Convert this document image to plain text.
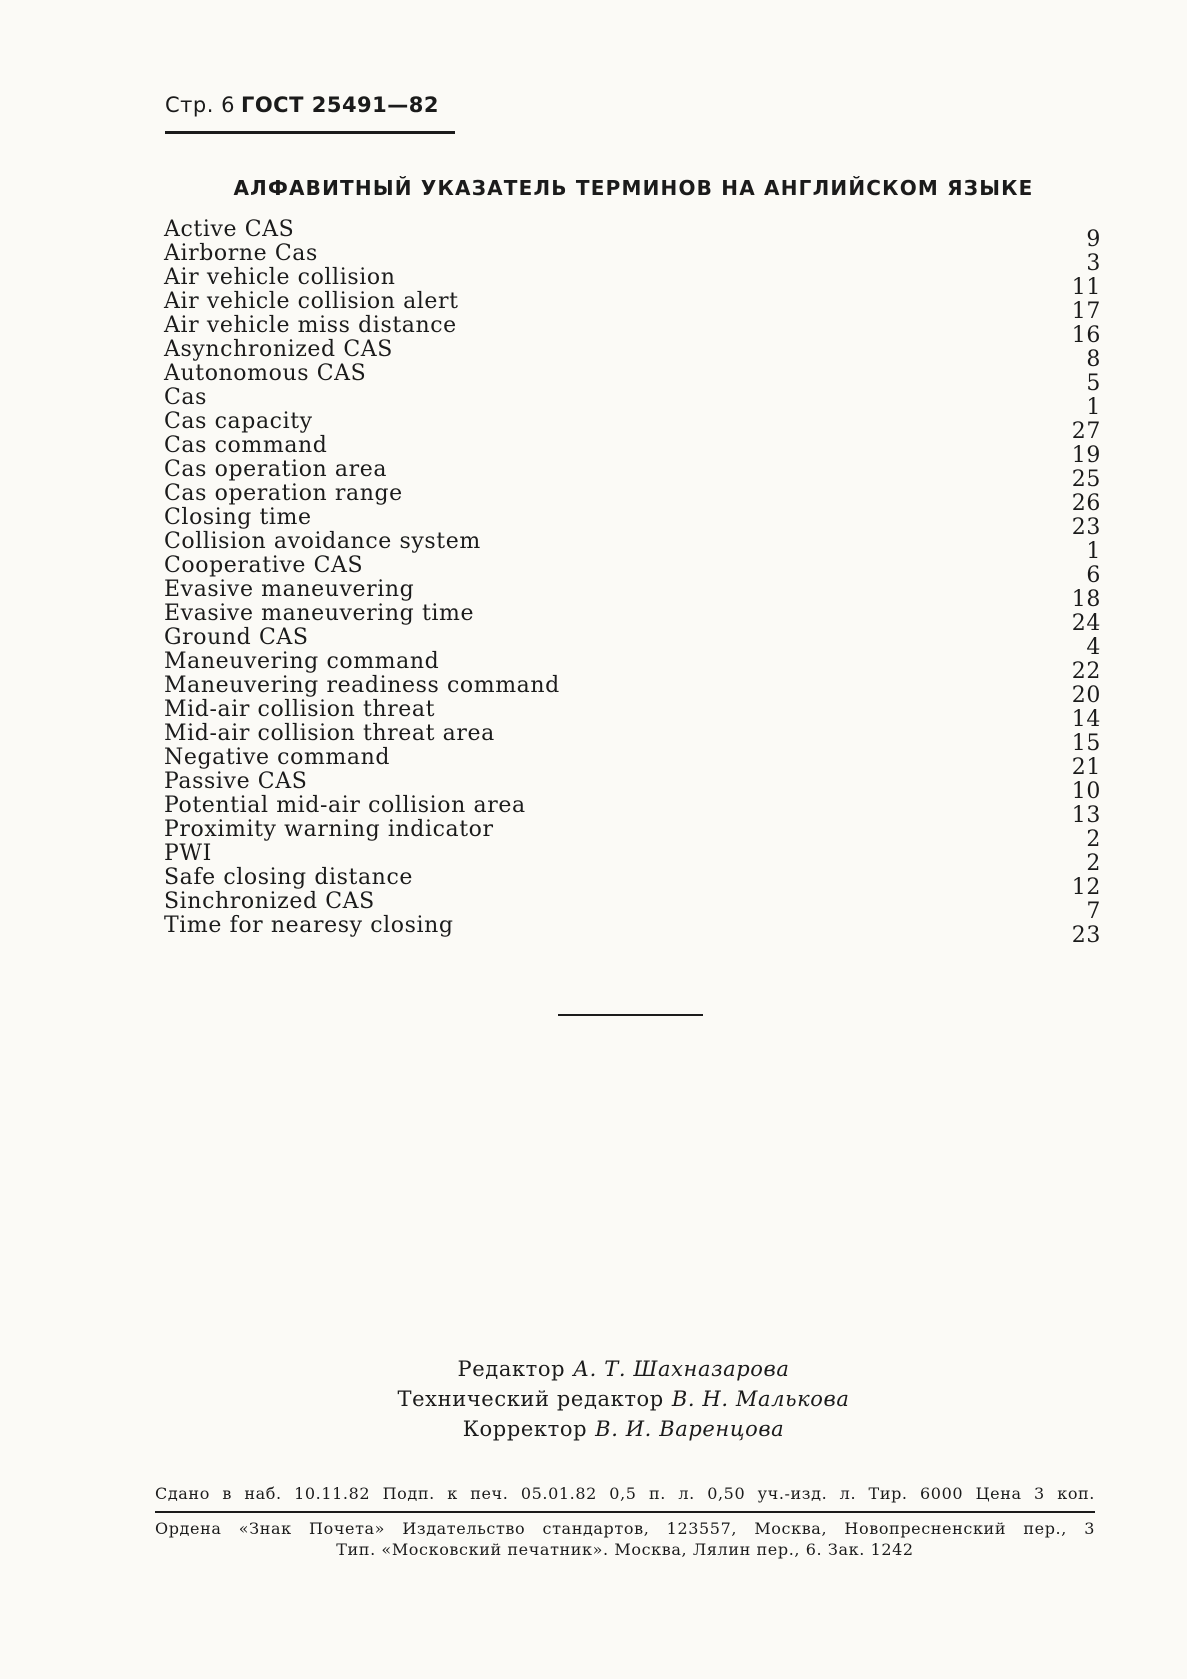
Стр. 6 ГОСТ 25491—82
АЛФАВИТНЫЙ УКАЗАТЕЛЬ ТЕРМИНОВ НА АНГЛИЙСКОМ ЯЗЫКЕ
Active CAS	9
Airborne Cas	3
Air vehicle collision	11
Air vehicle collision alert	17
Air vehicle miss distance	16
Asynchronized CAS	8
Autonomous CAS	5
Cas	1
Cas capacity	27
Cas command	19
Cas operation area	25
Cas operation range	26
Closing time	23
Collision avoidance system	1
Cooperative CAS	6
Evasive maneuvering	18
Evasive maneuvering time	24
Ground CAS	4
Maneuvering command	22
Maneuvering readiness command	20
Mid-air collision threat	14
Mid-air collision threat area	15
Negative command	21
Passive CAS	10
Potential mid-air collision area	13
Proximity warning indicator	2
PWI	2
Safe closing distance	12
Sinchronized CAS	7
Time for nearesy closing	23
Редактор А. Т. Шахназарова
Технический редактор В. Н. Малькова
Корректор В. И. Варенцова
Сдано в наб. 10.11.82 Подп. к печ. 05.01.82 0,5 п. л. 0,50 уч.-изд. л. Тир. 6000 Цена 3 коп.
Ордена «Знак Почета» Издательство стандартов, 123557, Москва, Новопресненский пер., 3
Тип. «Московский печатник». Москва, Лялин пер., 6. Зак. 1242
